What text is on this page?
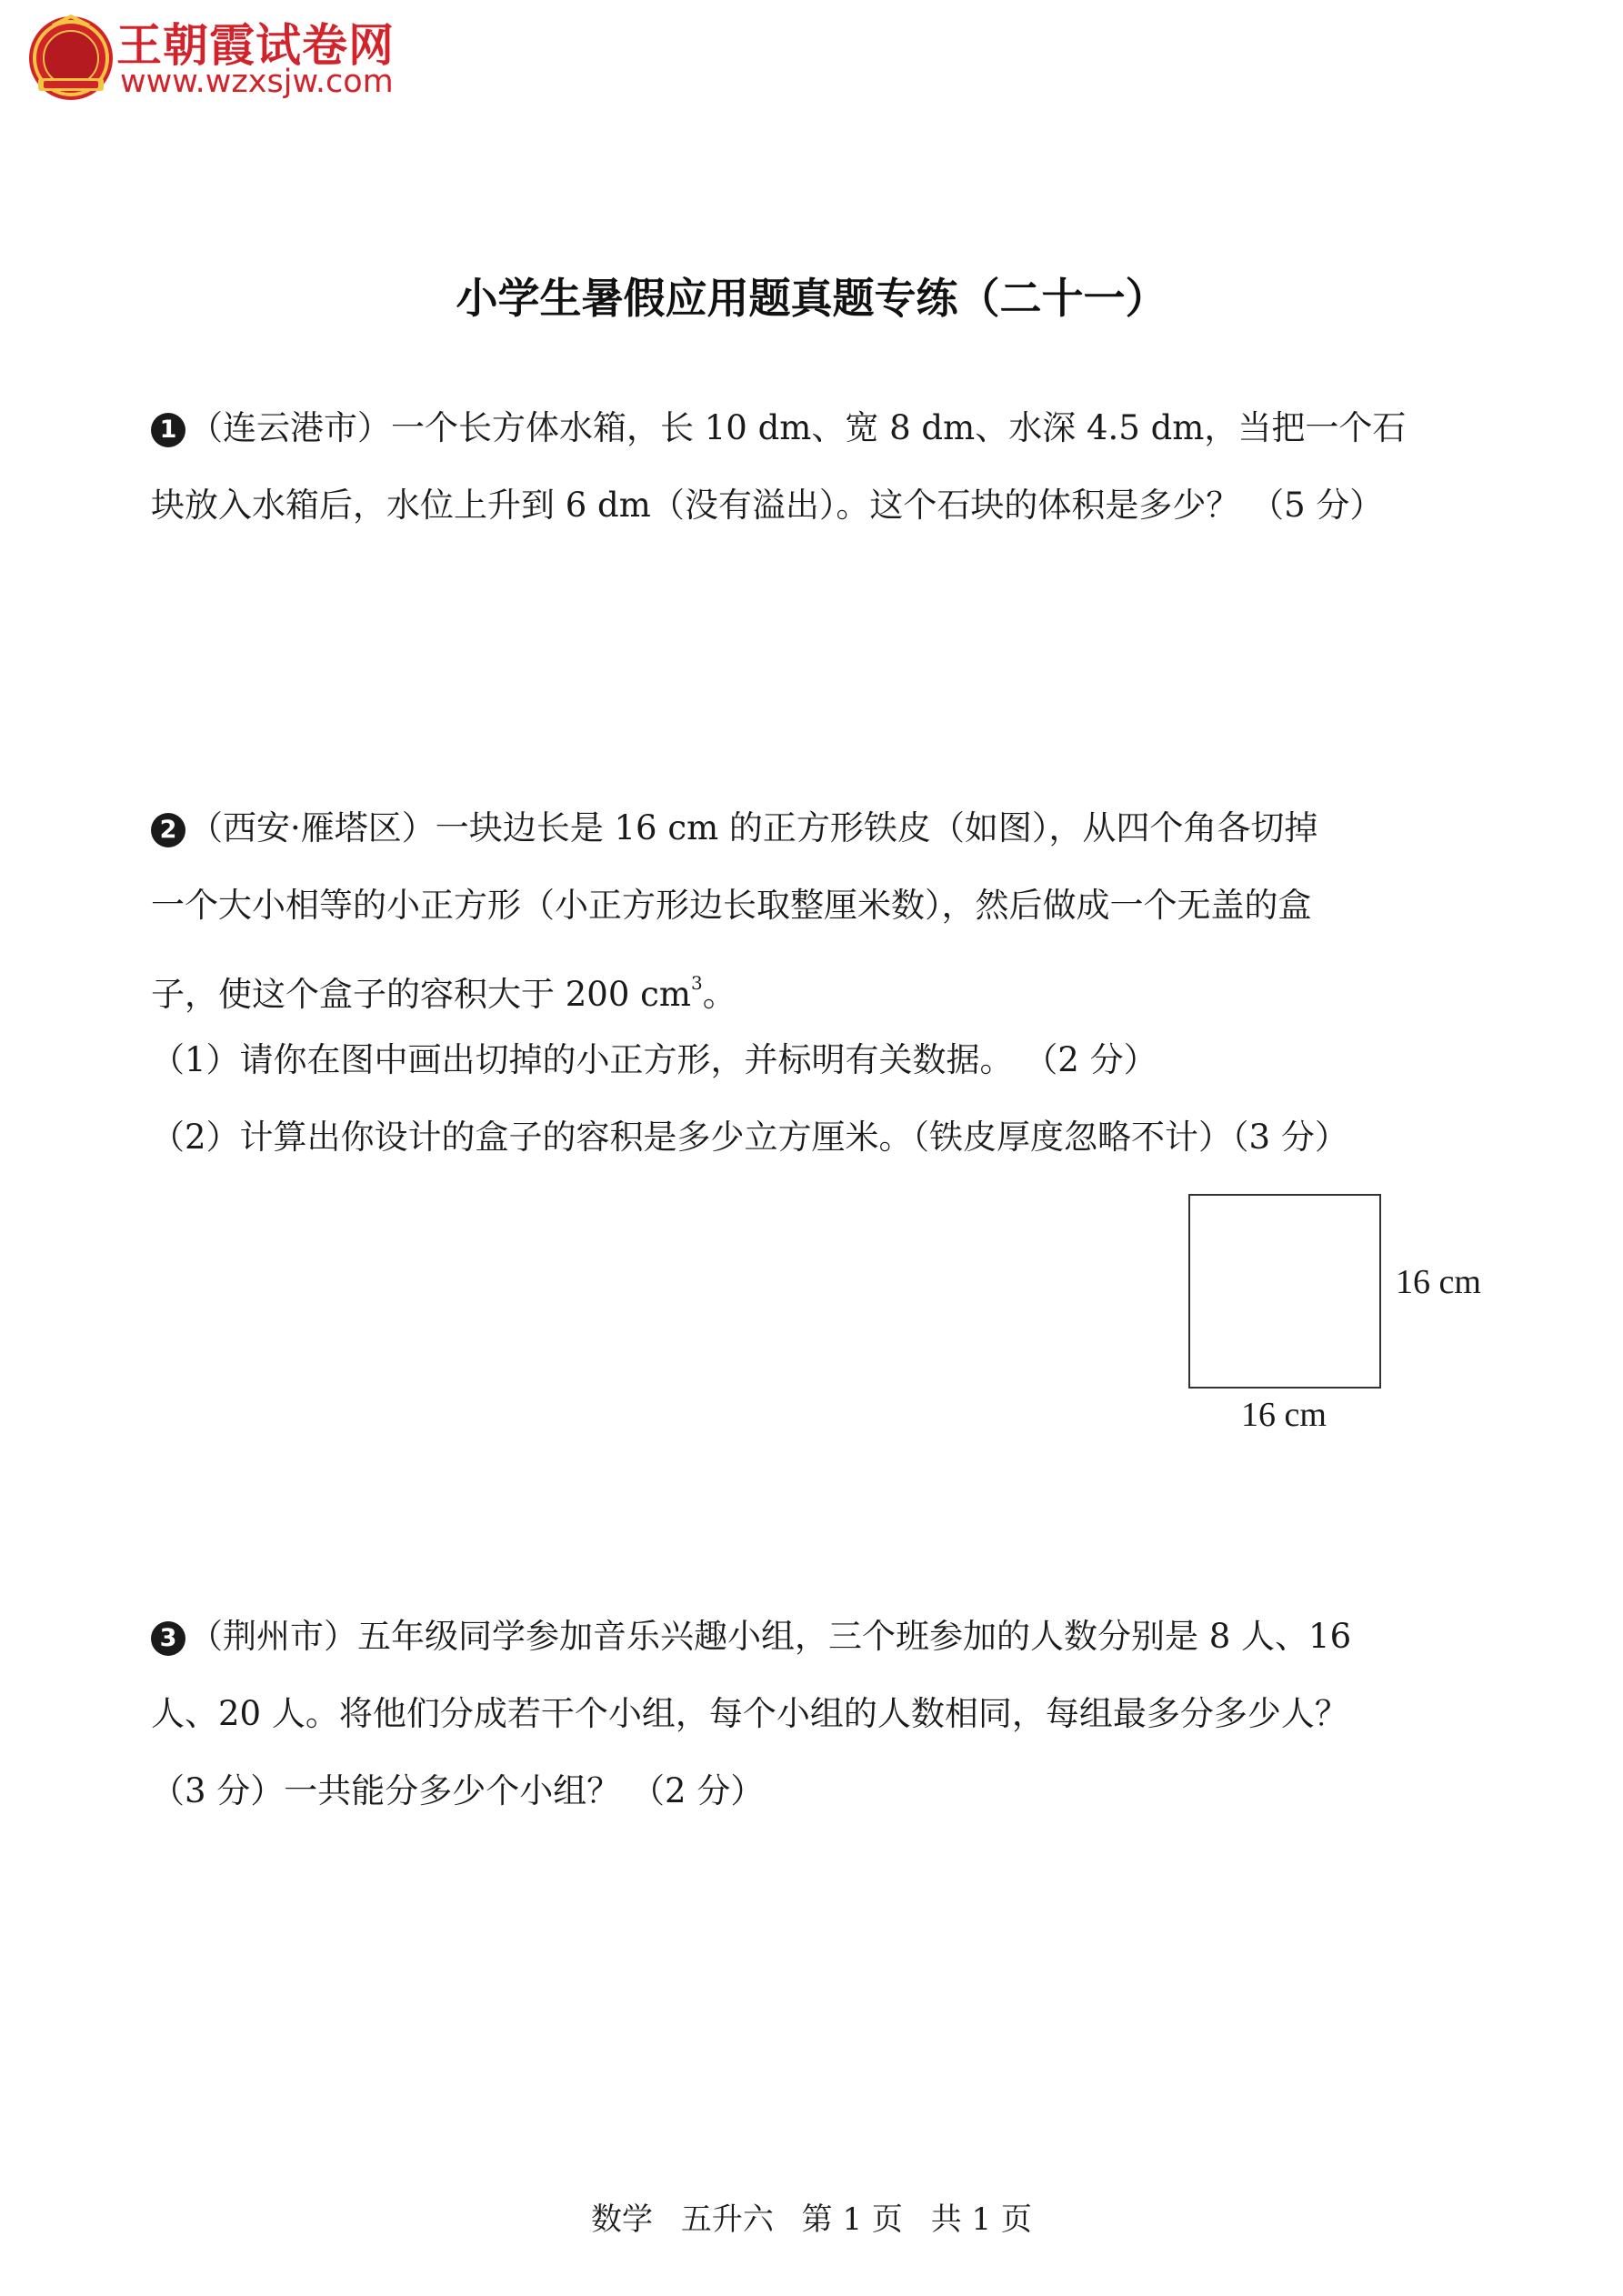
王朝霞试卷网
www.wzxsjw.com
小学生暑假应用题真题专练（二十一）
1 （连云港市）一个长方体水箱，长 10 dm、宽 8 dm、水深 4.5 dm，当把一个石
块放入水箱后，水位上升到 6 dm（没有溢出）。这个石块的体积是多少？ （5 分）
2 （西安·雁塔区）一块边长是 16 cm 的正方形铁皮（如图），从四个角各切掉
一个大小相等的小正方形（小正方形边长取整厘米数），然后做成一个无盖的盒
子，使这个盒子的容积大于 200 $cm^3$。
（1）请你在图中画出切掉的小正方形，并标明有关数据。 （2 分）
（2）计算出你设计的盒子的容积是多少立方厘米。（铁皮厚度忽略不计）（3 分）
16 cm
16 cm
3 （荆州市）五年级同学参加音乐兴趣小组，三个班参加的人数分别是 8 人、16
人、20 人。将他们分成若干个小组，每个小组的人数相同，每组最多分多少人？
（3 分）一共能分多少个小组？ （2 分）
数学 五升六 第 1 页 共 1 页
